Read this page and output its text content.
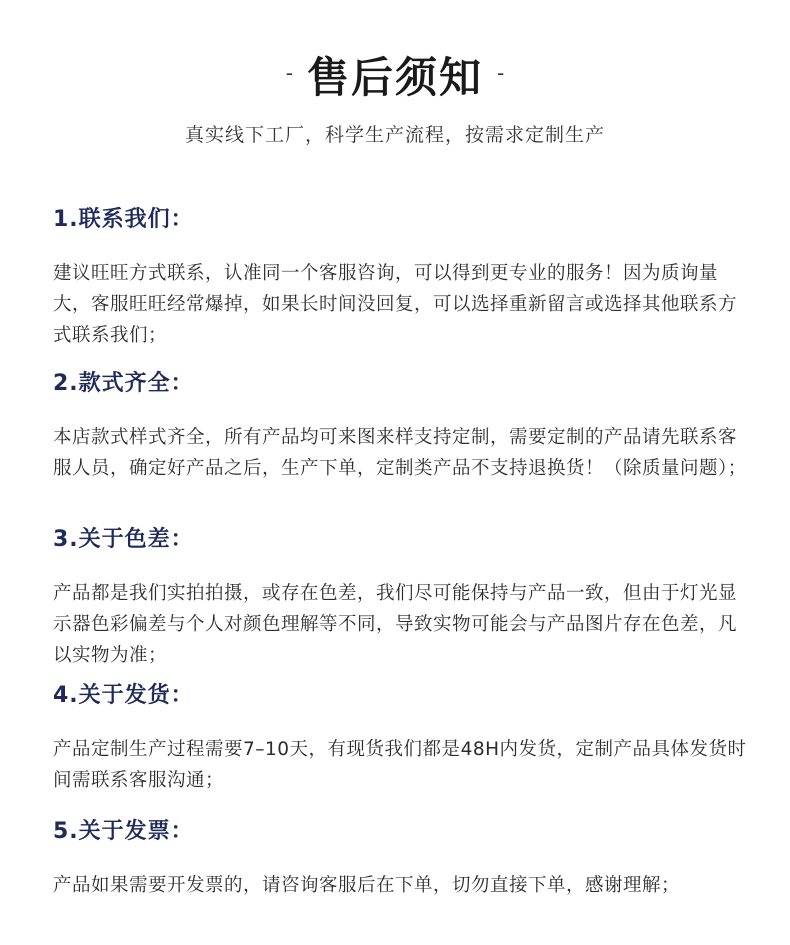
- 售后须知 -
真实线下工厂，科学生产流程，按需求定制生产
1.联系我们：
建议旺旺方式联系，认准同一个客服咨询，可以得到更专业的服务！因为质询量大，客服旺旺经常爆掉，如果长时间没回复，可以选择重新留言或选择其他联系方式联系我们；
2.款式齐全：
本店款式样式齐全，所有产品均可来图来样支持定制，需要定制的产品请先联系客服人员，确定好产品之后，生产下单，定制类产品不支持退换货！（除质量问题）；
3.关于色差：
产品都是我们实拍拍摄，或存在色差，我们尽可能保持与产品一致，但由于灯光显示器色彩偏差与个人对颜色理解等不同，导致实物可能会与产品图片存在色差，凡以实物为准；
4.关于发货：
产品定制生产过程需要7–10天，有现货我们都是48H内发货，定制产品具体发货时间需联系客服沟通；
5.关于发票：
产品如果需要开发票的，请咨询客服后在下单，切勿直接下单，感谢理解；
